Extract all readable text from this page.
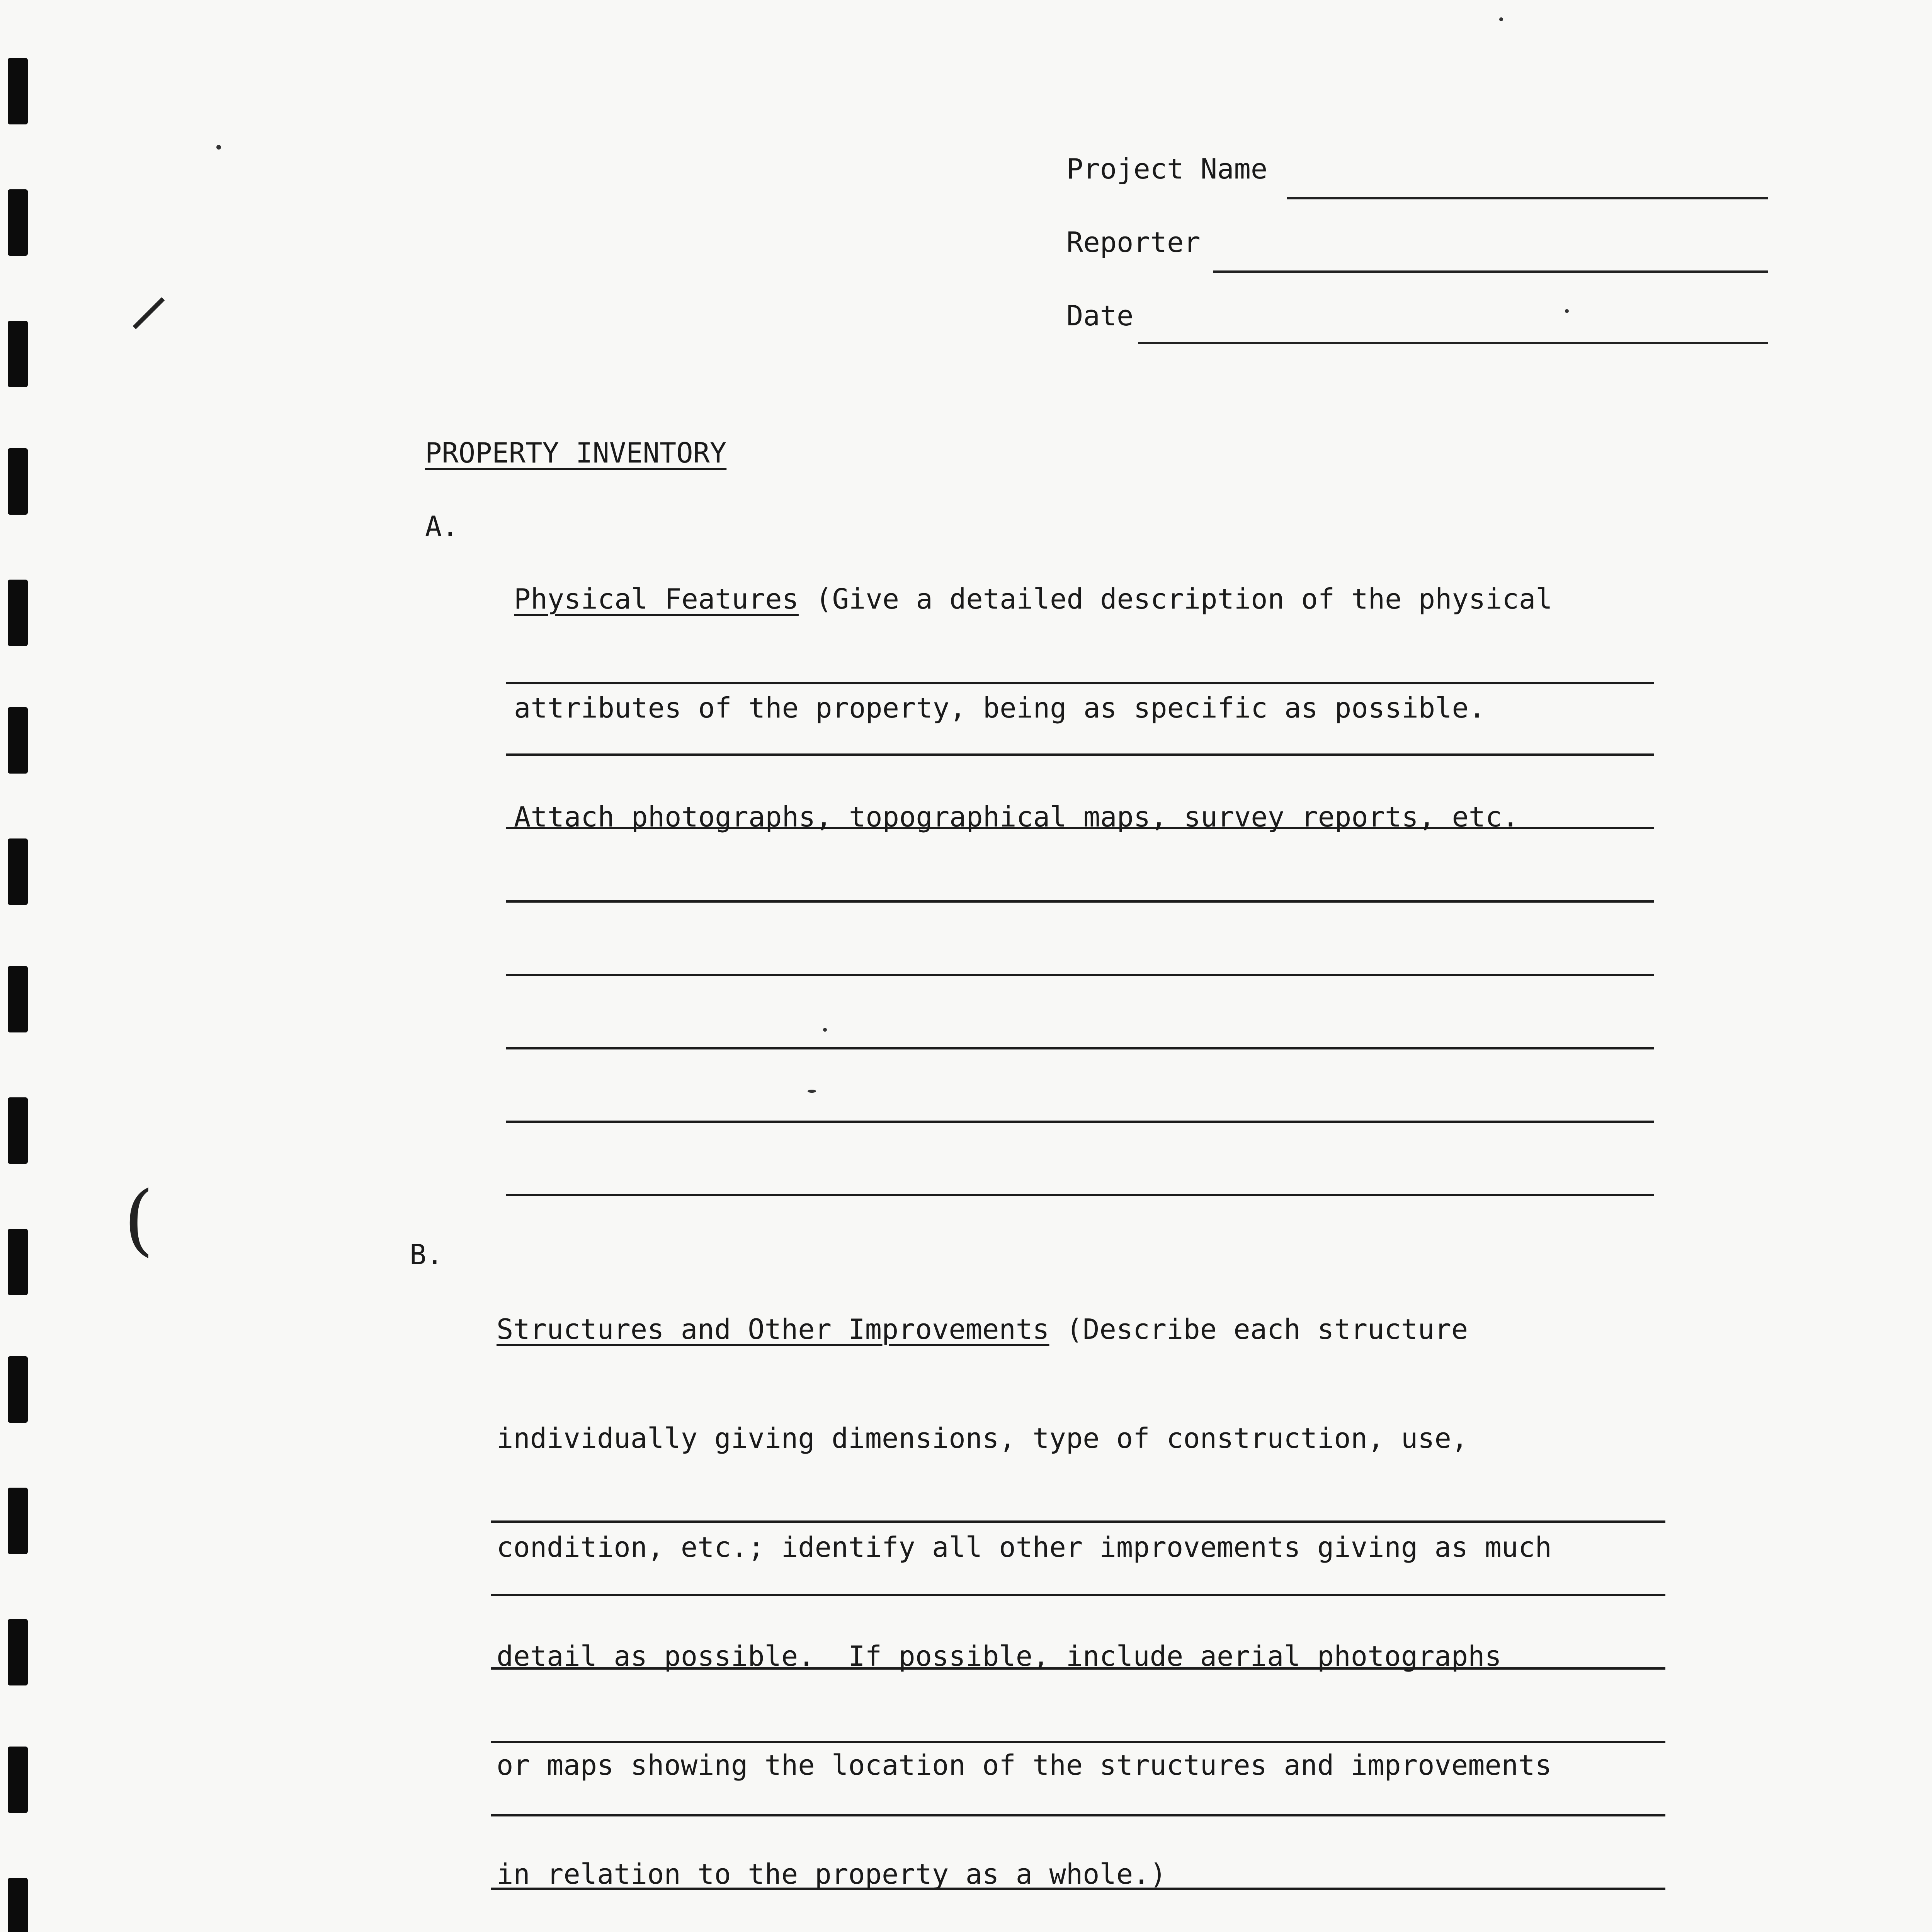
⸝
(
Project Name
Reporter
Date
PROPERTY INVENTORY
A.

Physical Features (Give a detailed description of the physical

attributes of the property, being as specific as possible.

Attach photographs, topographical maps, survey reports, etc.

B.

Structures and Other Improvements (Describe each structure

individually giving dimensions, type of construction, use,

condition, etc.; identify all other improvements giving as much

detail as possible.  If possible, include aerial photographs

or maps showing the location of the structures and improvements

in relation to the property as a whole.)
